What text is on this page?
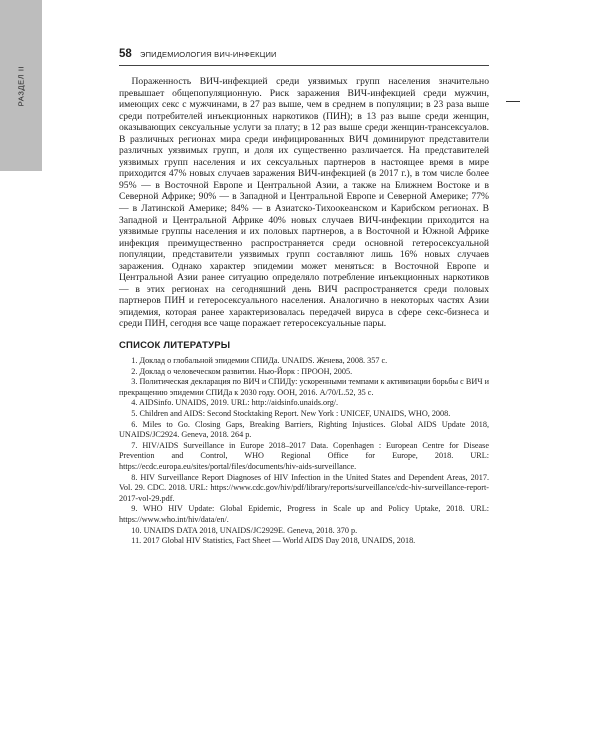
РАЗДЕЛ II
58 ЭПИДЕМИОЛОГИЯ ВИЧ-ИНФЕКЦИИ

Пораженность ВИЧ-инфекцией среди уязвимых групп населения значительно превышает общепопуляционную. Риск заражения ВИЧ-инфекцией среди мужчин, имеющих секс с мужчинами, в 27 раз выше, чем в среднем в популяции; в 23 раза выше среди потребителей инъекционных наркотиков (ПИН); в 13 раз выше среди женщин, оказывающих сексуальные услуги за плату; в 12 раз выше среди женщин-трансексуалов. В различных регионах мира среди инфицированных ВИЧ доминируют представители различных уязвимых групп, и доля их существенно различается. На представителей уязвимых групп населения и их сексуальных партнеров в настоящее время в мире приходится 47% новых случаев заражения ВИЧ-инфекцией (в 2017 г.), в том числе более 95% — в Восточной Европе и Центральной Азии, а также на Ближнем Востоке и в Северной Африке; 90% — в Западной и Центральной Европе и Северной Америке; 77% — в Латинской Америке; 84% — в Азиатско-Тихоокеанском и Карибском регионах. В Западной и Центральной Африке 40% новых случаев ВИЧ-инфекции приходится на уязвимые группы населения и их половых партнеров, а в Восточной и Южной Африке инфекция преимущественно распространяется среди основной гетеросексуальной популяции, представители уязвимых групп составляют лишь 16% новых случаев заражения. Однако характер эпидемии может меняться: в Восточной Европе и Центральной Азии ранее ситуацию определяло потребление инъекционных наркотиков — в этих регионах на сегодняшний день ВИЧ распространяется среди половых партнеров ПИН и гетеросексуального населения. Аналогично в некоторых частях Азии эпидемия, которая ранее характеризовалась передачей вируса в сфере секс-бизнеса и среди ПИН, сегодня все чаще поражает гетеросексуальные пары.

СПИСОК ЛИТЕРАТУРЫ
1. Доклад о глобальной эпидемии СПИДа. UNAIDS. Женева, 2008. 357 с.
2. Доклад о человеческом развитии. Нью-Йорк : ПРООН, 2005.
3. Политическая декларация по ВИЧ и СПИДу: ускоренными темпами к активизации борьбы с ВИЧ и прекращению эпидемии СПИДа к 2030 году. ООН, 2016. A/70/L.52, 35 с.
4. AIDSinfo. UNAIDS, 2019. URL: http://aidsinfo.unaids.org/.
5. Children and AIDS: Second Stocktaking Report. New York : UNICEF, UNAIDS, WHO, 2008.
6. Miles to Go. Closing Gaps, Breaking Barriers, Righting Injustices. Global AIDS Update 2018, UNAIDS/JC2924. Geneva, 2018. 264 p.
7. HIV/AIDS Surveillance in Europe 2018–2017 Data. Copenhagen : European Centre for Disease Prevention and Control, WHO Regional Office for Europe, 2018. URL: https://ecdc.europa.eu/sites/portal/files/documents/hiv-aids-surveillance.
8. HIV Surveillance Report Diagnoses of HIV Infection in the United States and Dependent Areas, 2017. Vol. 29. CDC. 2018. URL: https://www.cdc.gov/hiv/pdf/library/reports/surveillance/cdc-hiv-surveillance-report-2017-vol-29.pdf.
9. WHO HIV Update: Global Epidemic, Progress in Scale up and Policy Uptake, 2018. URL: https://www.who.int/hiv/data/en/.
10. UNAIDS DATA 2018, UNAIDS/JC2929E. Geneva, 2018. 370 p.
11. 2017 Global HIV Statistics, Fact Sheet — World AIDS Day 2018, UNAIDS, 2018.
